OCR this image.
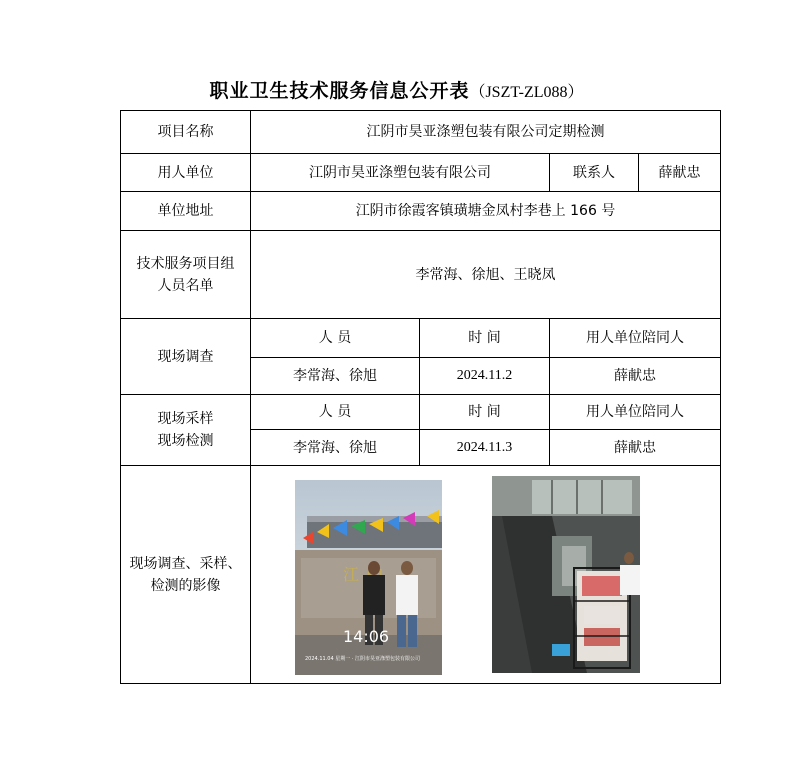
职业卫生技术服务信息公开表（JSZT-ZL088）
项目名称	江阴市昊亚涤塑包装有限公司定期检测			
用人单位	江阴市昊亚涤塑包装有限公司		联系人	薛献忠
单位地址	江阴市徐霞客镇璜塘金凤村李巷上 166 号			

技术服务项目组
人员名单	李常海、徐旭、王晓凤			
现场调查	人 员	时 间	用人单位陪同人	
	李常海、徐旭	2024.11.2	薛献忠	

现场采样
现场检测	人 员	时 间	用人单位陪同人	
	李常海、徐旭	2024.11.3	薛献忠	

现场调查、采样、
检测的影像				

江
14:06
2024.11.04 星期一 · 江阴市昊亚涤塑包装有限公司
